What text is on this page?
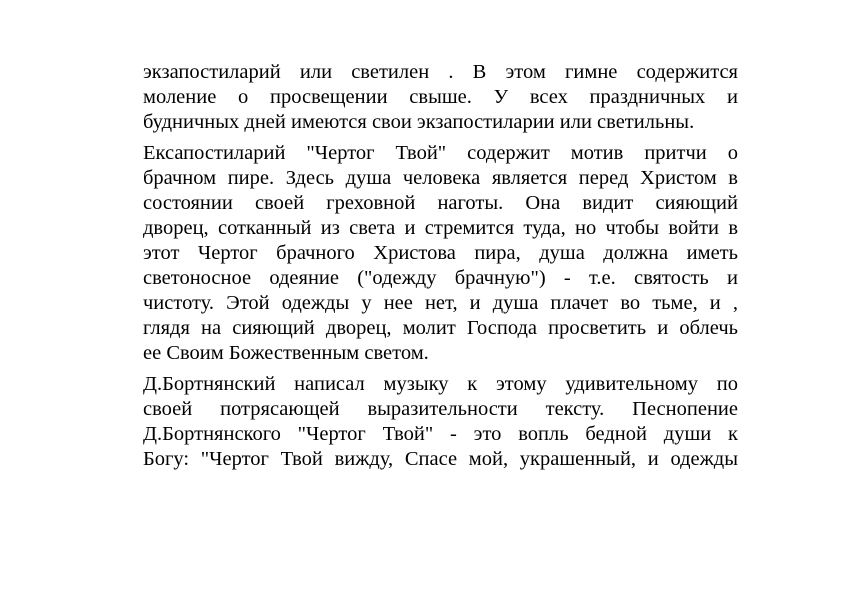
экзапостиларий или светилен . В этом гимне содержится
моление о просвещении свыше. У всех праздничных и
будничных дней имеются свои экзапостиларии или светильны.

Ексапостиларий "Чертог Твой" содержит мотив притчи о
брачном пире. Здесь душа человека является перед Христом в
состоянии своей греховной наготы. Она видит сияющий
дворец, сотканный из света и стремится туда, но чтобы войти в
этот Чертог брачного Христова пира, душа должна иметь
светоносное одеяние ("одежду брачную") - т.е. святость и
чистоту. Этой одежды у нее нет, и душа плачет во тьме, и ,
глядя на сияющий дворец, молит Господа просветить и облечь
ее Своим Божественным светом.

Д.Бортнянский написал музыку к этому удивительному по
своей потрясающей выразительности тексту. Песнопение
Д.Бортнянского "Чертог Твой" - это вопль бедной души к
Богу: "Чертог Твой вижду, Спасе мой, украшенный, и одежды
